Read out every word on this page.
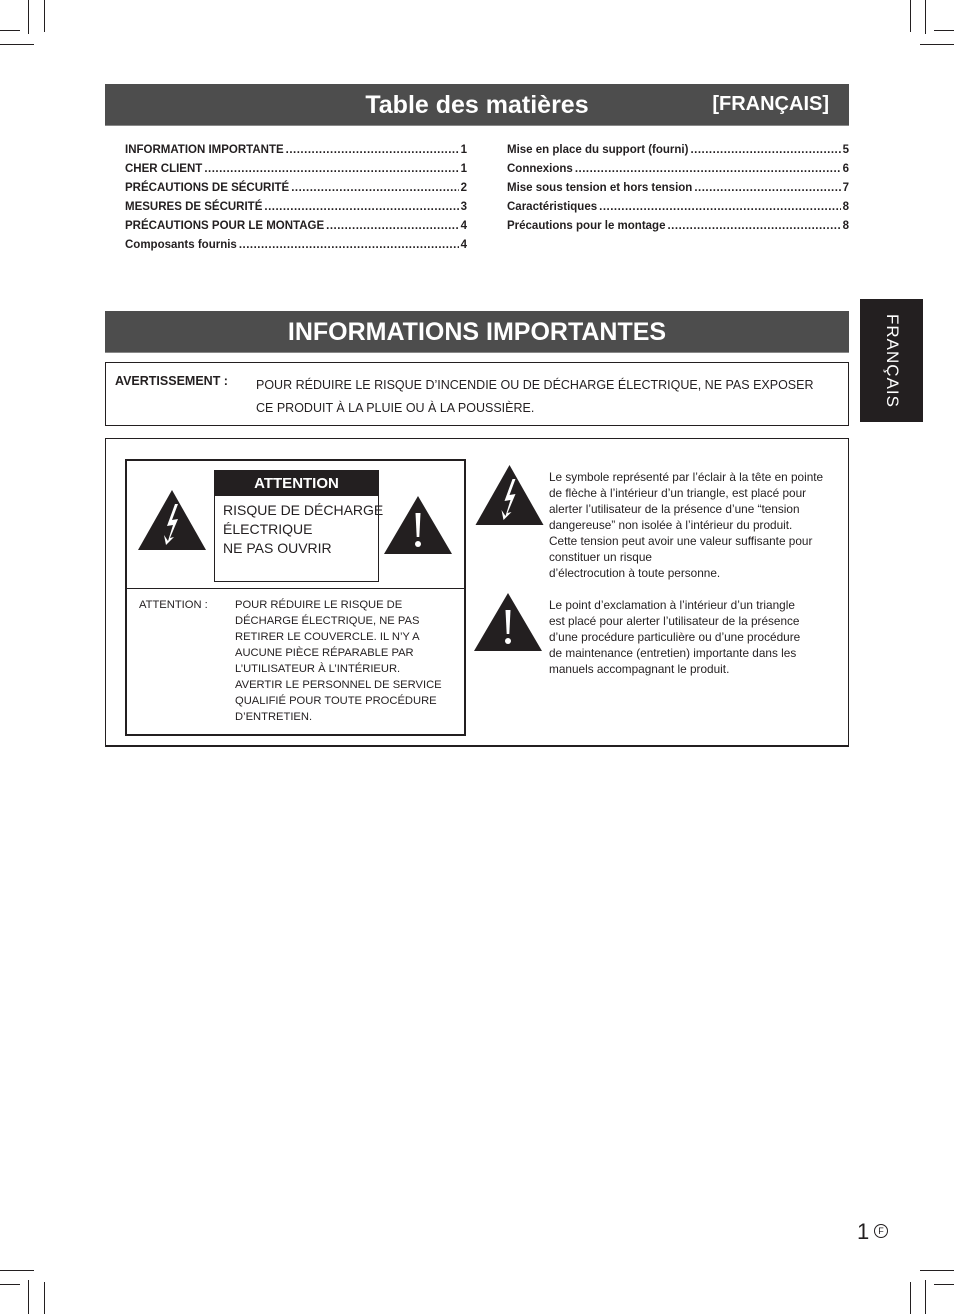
Table des matières	[FRANÇAIS]
INFORMATION IMPORTANTE .....	1
CHER CLIENT .....	1
PRÉCAUTIONS DE SÉCURITÉ .....	2
MESURES DE SÉCURITÉ .....	3
PRÉCAUTIONS POUR LE MONTAGE .....	4
Composants fournis .....	4
Mise en place du support (fourni) .....	5
Connexions .....	6
Mise sous tension et hors tension .....	7
Caractéristiques .....	8
Précautions pour le montage .....	8
FRANÇAIS
INFORMATIONS IMPORTANTES
AVERTISSEMENT : POUR RÉDUIRE LE RISQUE D’INCENDIE OU DE DÉCHARGE ÉLECTRIQUE, NE PAS EXPOSER CE PRODUIT À LA PLUIE OU À LA POUSSIÈRE.
ATTENTION
RISQUE DE DÉCHARGE
ÉLECTRIQUE
NE PAS OUVRIR
ATTENTION : POUR RÉDUIRE LE RISQUE DE
DÉCHARGE ÉLECTRIQUE, NE PAS
RETIRER LE COUVERCLE. IL N’Y A
AUCUNE PIÈCE RÉPARABLE PAR
L’UTILISATEUR À L’INTÉRIEUR.
AVERTIR LE PERSONNEL DE SERVICE
QUALIFIÉ POUR TOUTE PROCÉDURE
D’ENTRETIEN.
Le symbole représenté par l’éclair à la tête en pointe
de flèche à l’intérieur d’un triangle, est placé pour
alerter l’utilisateur de la présence d’une “tension
dangereuse” non isolée à l’intérieur du produit.
Cette tension peut avoir une valeur suffisante pour
constituer un risque
d’électrocution à toute personne.
Le point d’exclamation à l’intérieur d’un triangle
est placé pour alerter l’utilisateur de la présence
d’une procédure particulière ou d’une procédure
de maintenance (entretien) importante dans les
manuels accompagnant le produit.
1	F
